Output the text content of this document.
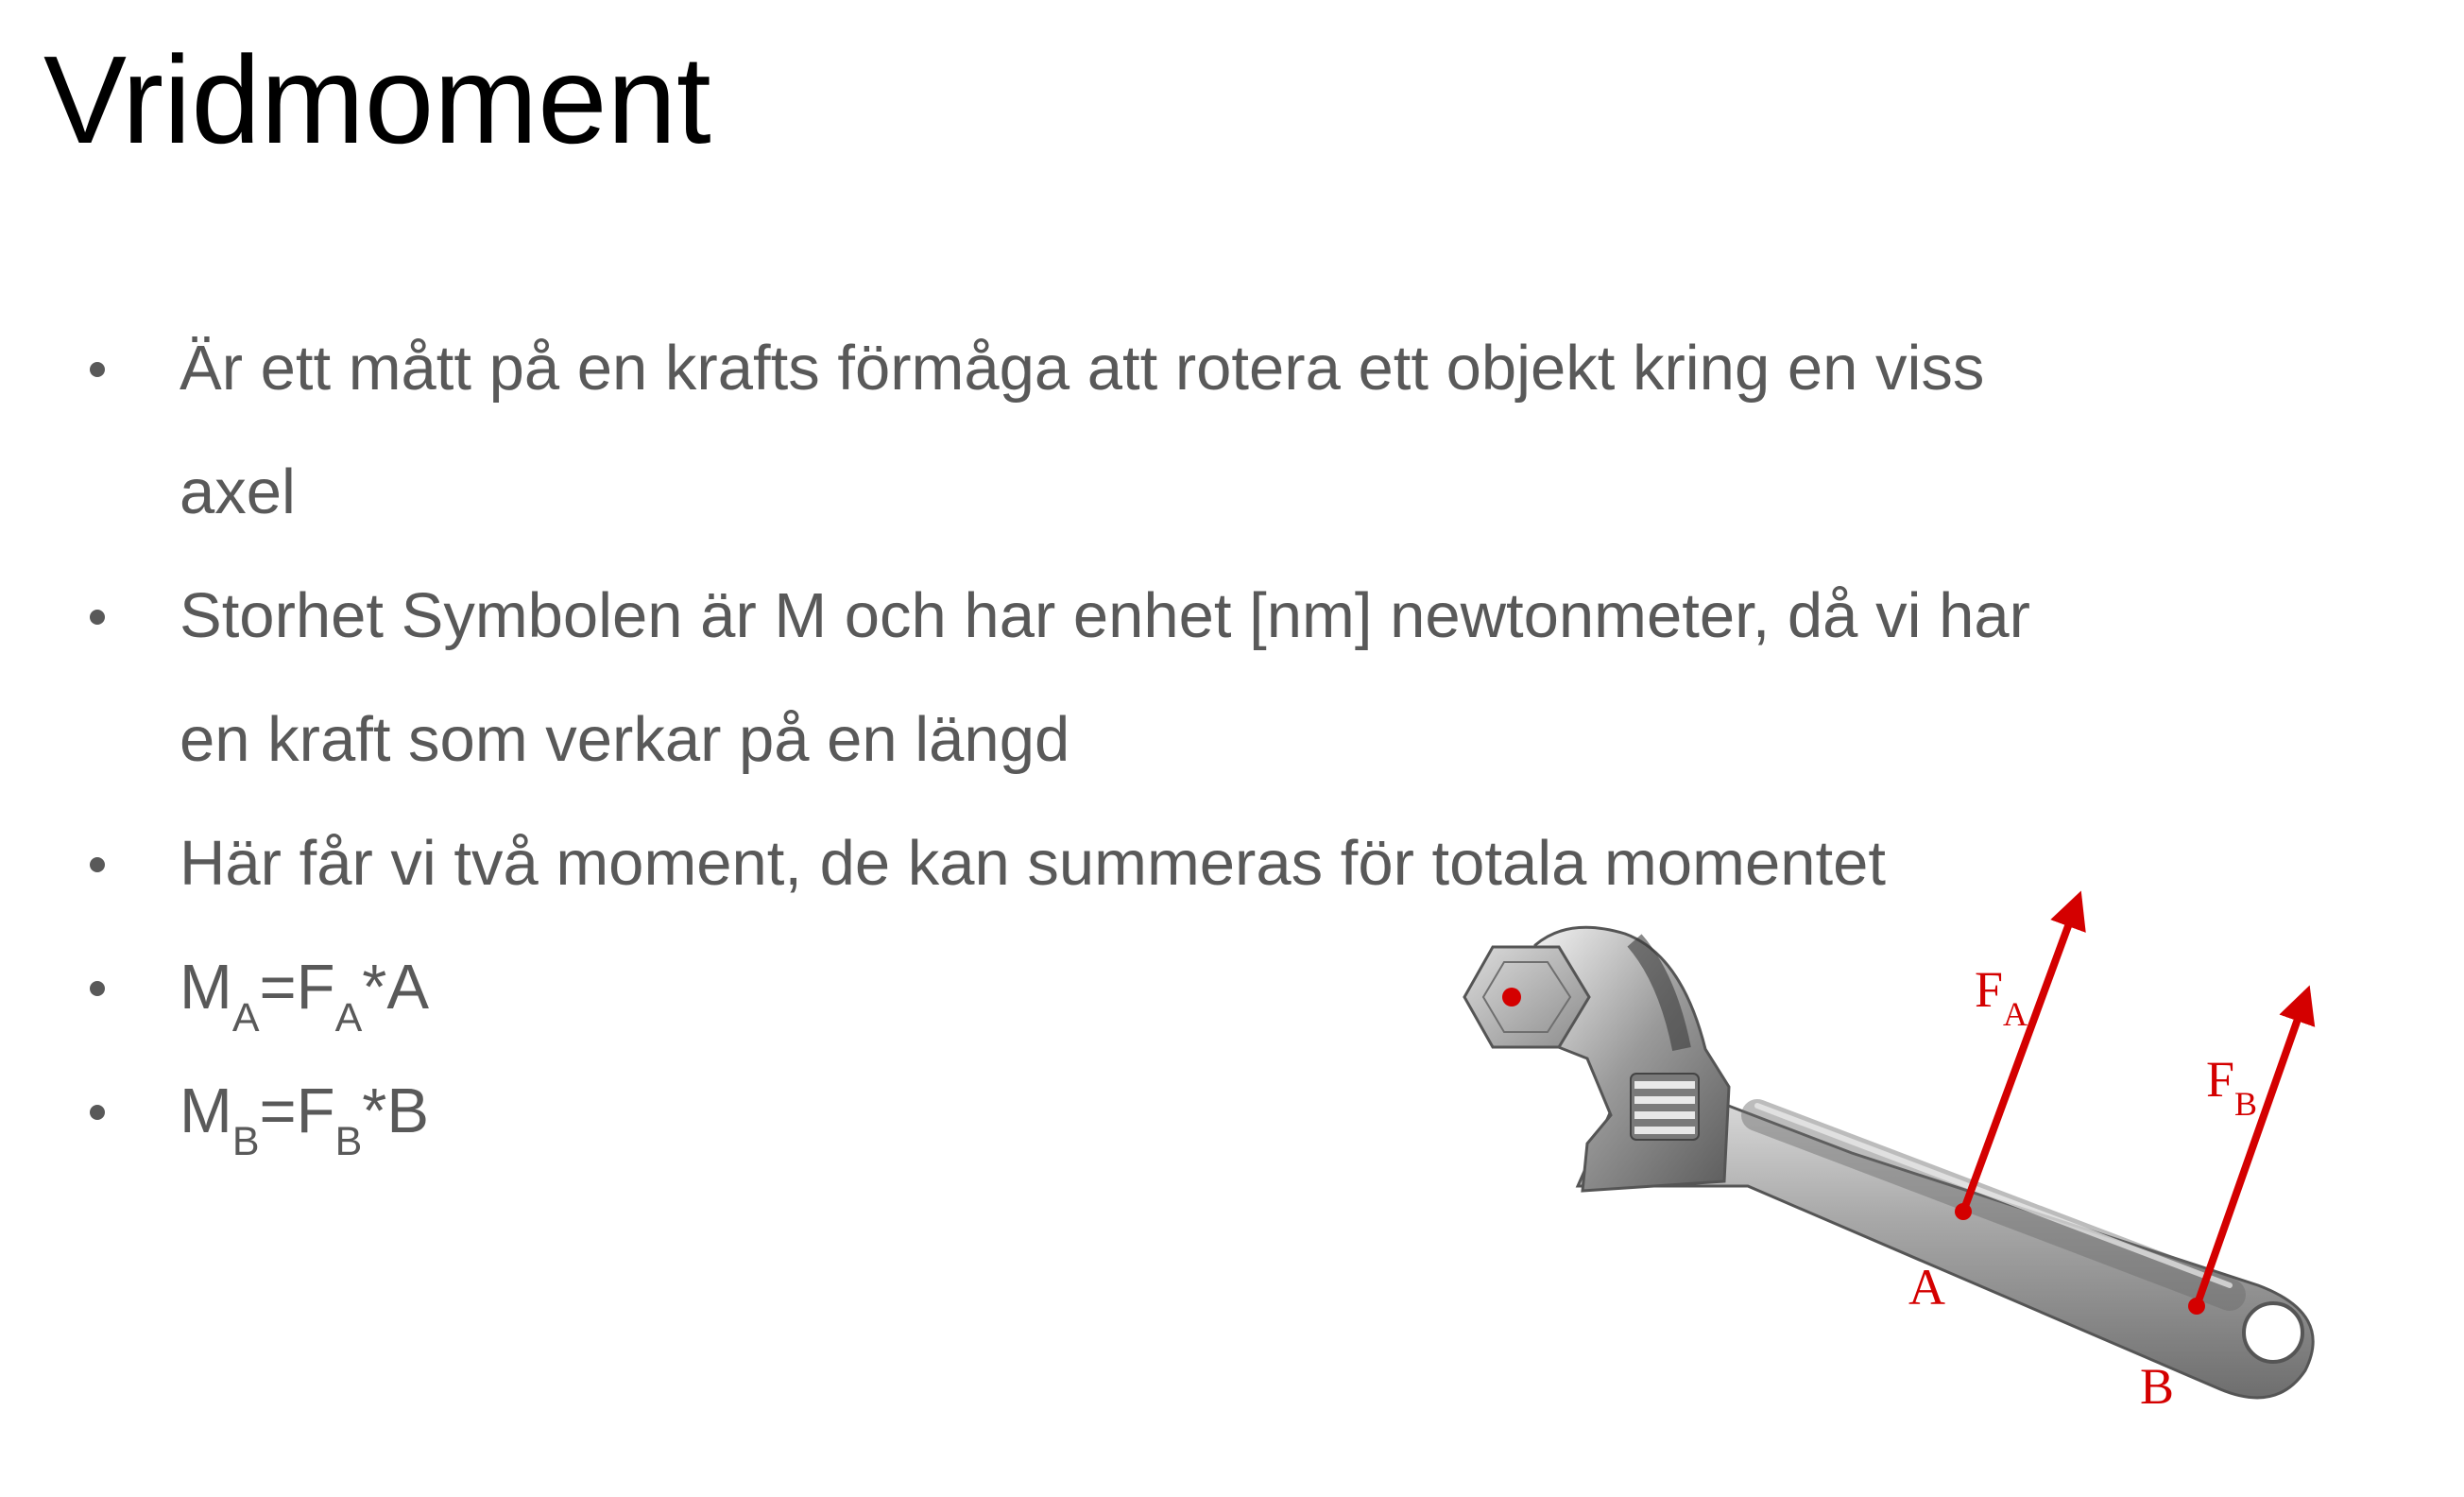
Vridmoment
Är ett mått på en krafts förmåga att rotera ett objekt kring en viss
axel
Storhet Symbolen är M och har enhet [nm] newtonmeter, då vi har
en kraft som verkar på en längd
Här får vi två moment, de kan summeras för totala momentet
$M_A=F_A*A$
$M_B=F_B*B$
$F_A$
A
$F_B$
B
